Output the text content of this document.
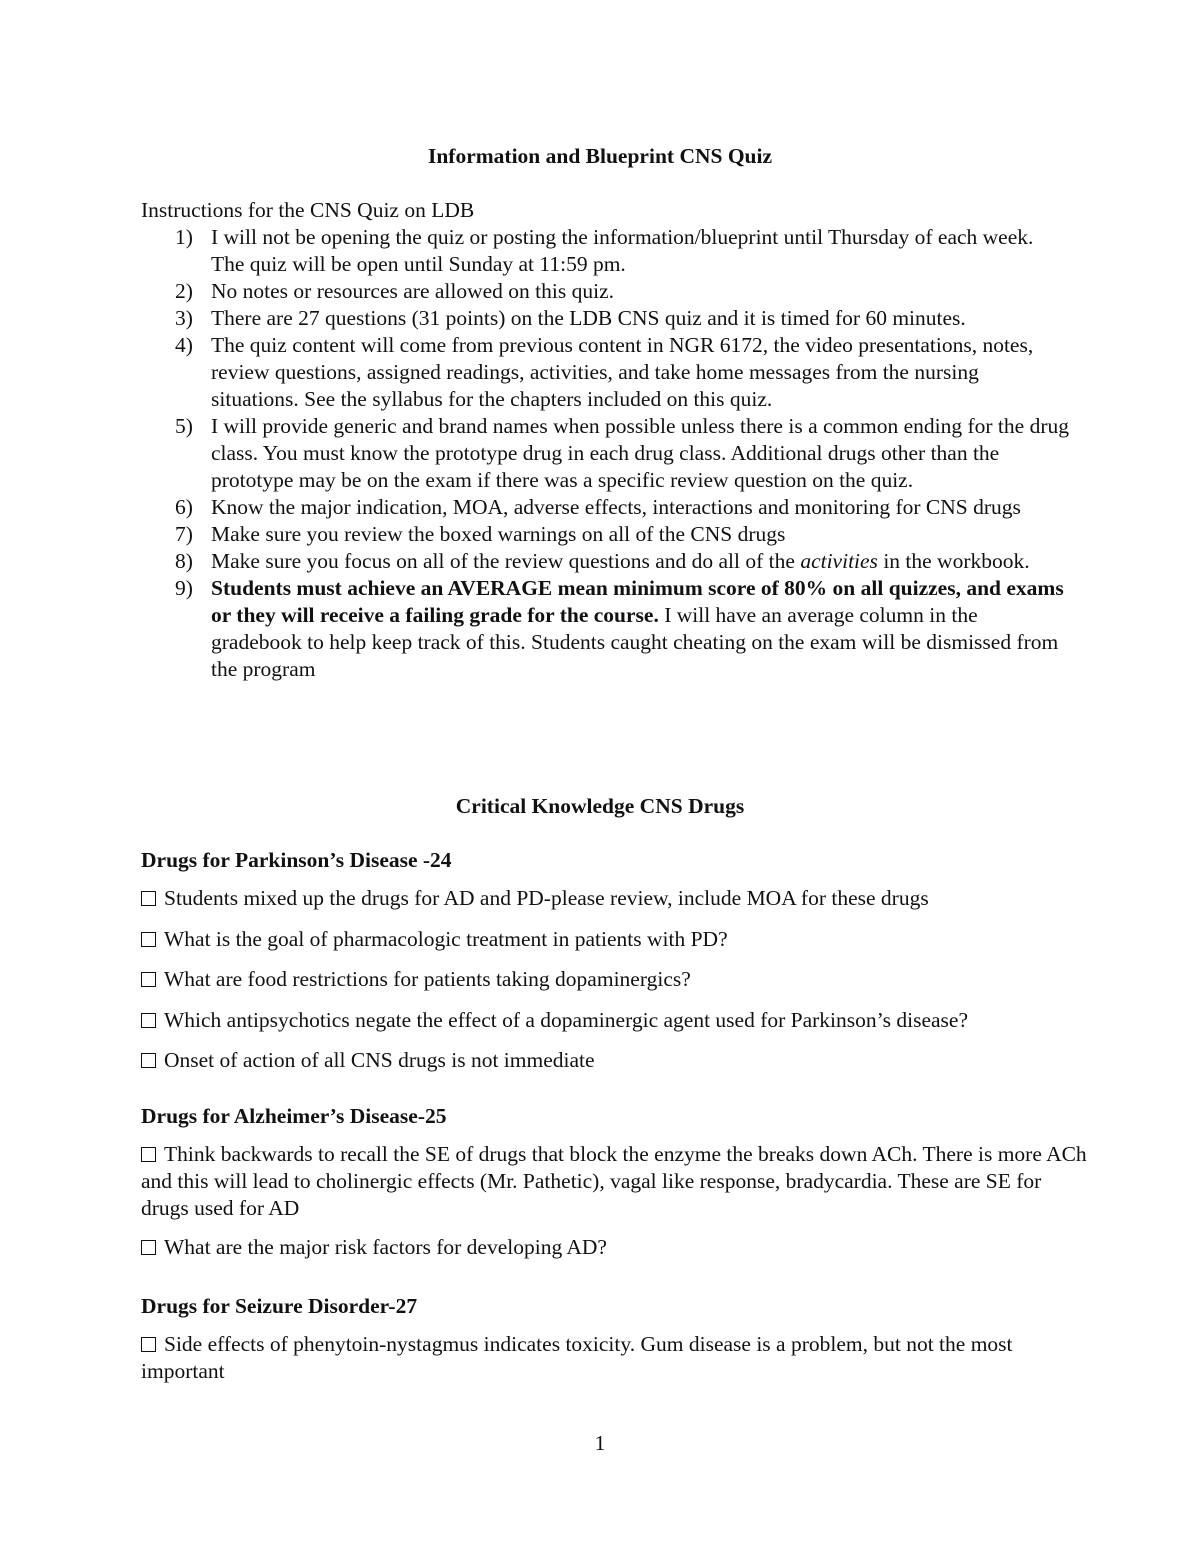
Information and Blueprint CNS Quiz

Instructions for the CNS Quiz on LDB

1) I will not be opening the quiz or posting the information/blueprint until Thursday of each week. The quiz will be open until Sunday at 11:59 pm.
2) No notes or resources are allowed on this quiz.
3) There are 27 questions (31 points) on the LDB CNS quiz and it is timed for 60 minutes.
4) The quiz content will come from previous content in NGR 6172, the video presentations, notes, review questions, assigned readings, activities, and take home messages from the nursing situations. See the syllabus for the chapters included on this quiz.
5) I will provide generic and brand names when possible unless there is a common ending for the drug class. You must know the prototype drug in each drug class. Additional drugs other than the prototype may be on the exam if there was a specific review question on the quiz.
6) Know the major indication, MOA, adverse effects, interactions and monitoring for CNS drugs
7) Make sure you review the boxed warnings on all of the CNS drugs
8) Make sure you focus on all of the review questions and do all of the activities in the workbook.
9) Students must achieve an AVERAGE mean minimum score of 80% on all quizzes, and exams or they will receive a failing grade for the course. I will have an average column in the gradebook to help keep track of this. Students caught cheating on the exam will be dismissed from the program
Critical Knowledge CNS Drugs
Drugs for Parkinson’s Disease -24

Students mixed up the drugs for AD and PD-please review, include MOA for these drugs

What is the goal of pharmacologic treatment in patients with PD?

What are food restrictions for patients taking dopaminergics?

Which antipsychotics negate the effect of a dopaminergic agent used for Parkinson’s disease?

Onset of action of all CNS drugs is not immediate

Drugs for Alzheimer’s Disease-25

Think backwards to recall the SE of drugs that block the enzyme the breaks down ACh. There is more ACh and this will lead to cholinergic effects (Mr. Pathetic), vagal like response, bradycardia. These are SE for drugs used for AD

What are the major risk factors for developing AD?

Drugs for Seizure Disorder-27

Side effects of phenytoin-nystagmus indicates toxicity. Gum disease is a problem, but not the most important

1
